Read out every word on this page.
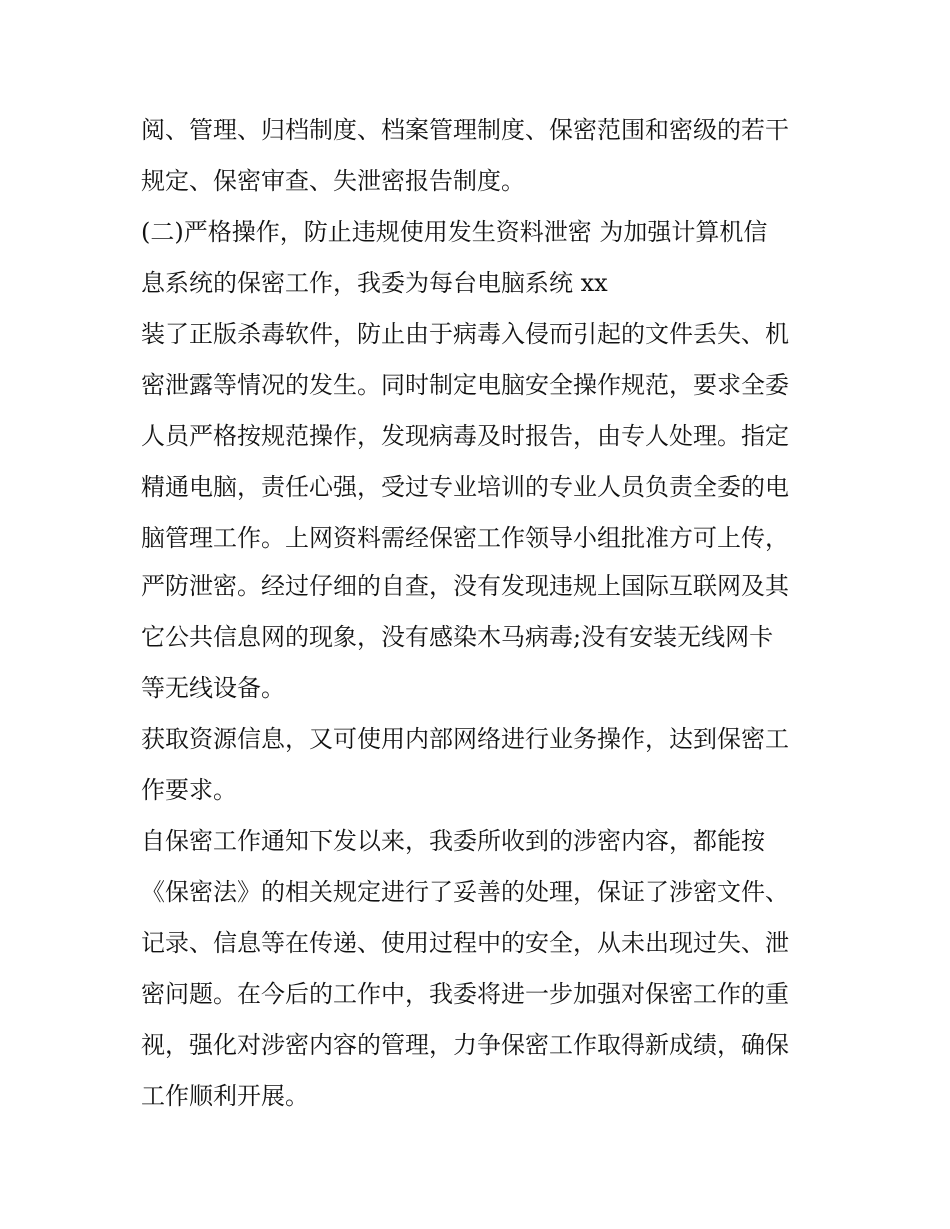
阅、管理、归档制度、档案管理制度、保密范围和密级的若干

规定、保密审查、失泄密报告制度。

(二)严格操作，防止违规使用发生资料泄密 为加强计算机信

息系统的保密工作，我委为每台电脑系统 xx

装了正版杀毒软件，防止由于病毒入侵而引起的文件丢失、机

密泄露等情况的发生。同时制定电脑安全操作规范，要求全委

人员严格按规范操作，发现病毒及时报告，由专人处理。指定

精通电脑，责任心强，受过专业培训的专业人员负责全委的电

脑管理工作。上网资料需经保密工作领导小组批准方可上传，

严防泄密。经过仔细的自查，没有发现违规上国际互联网及其

它公共信息网的现象，没有感染木马病毒;没有安装无线网卡

等无线设备。

获取资源信息，又可使用内部网络进行业务操作，达到保密工

作要求。

自保密工作通知下发以来，我委所收到的涉密内容，都能按

《保密法》的相关规定进行了妥善的处理，保证了涉密文件、

记录、信息等在传递、使用过程中的安全，从未出现过失、泄

密问题。在今后的工作中，我委将进一步加强对保密工作的重

视，强化对涉密内容的管理，力争保密工作取得新成绩，确保

工作顺利开展。
